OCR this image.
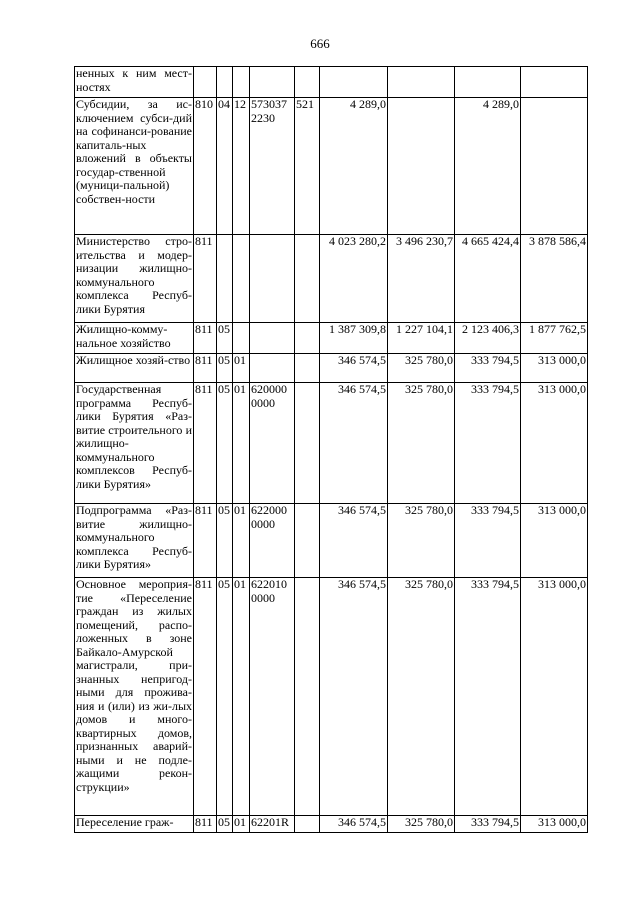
666
ненных к ним мест-ностях									
Субсидии, за ис-ключением субси-дий на софинанси-рование капиталь-ных вложений в объекты государ-ственной (муници-пальной) собствен-ности	810	04	12	573037 2230	521	4 289,0		4 289,0	
Министерство стро-ительства и модер-низации жилищно-коммунального комплекса Респуб-лики Бурятия	811					4 023 280,2	3 496 230,7	4 665 424,4	3 878 586,4
Жилищно-комму-нальное хозяйство	811	05				1 387 309,8	1 227 104,1	2 123 406,3	1 877 762,5
Жилищное хозяй-ство	811	05	01			346 574,5	325 780,0	333 794,5	313 000,0
Государственная программа Респуб-лики Бурятия «Раз-витие строительного и жилищно-коммунального комплексов Респуб-лики Бурятия»	811	05	01	620000 0000		346 574,5	325 780,0	333 794,5	313 000,0
Подпрограмма «Раз-витие жилищно-коммунального комплекса Респуб-лики Бурятия»	811	05	01	622000 0000		346 574,5	325 780,0	333 794,5	313 000,0
Основное мероприя-тие «Переселение граждан из жилых помещений, распо-ложенных в зоне Байкало-Амурской магистрали, при-знанных непригод-ными для прожива-ния и (или) из жи-лых домов и много-квартирных домов, признанных аварий-ными и не подле-жащими рекон-струкции»	811	05	01	622010 0000		346 574,5	325 780,0	333 794,5	313 000,0
Переселение граж-	811	05	01	62201R		346 574,5	325 780,0	333 794,5	313 000,0
